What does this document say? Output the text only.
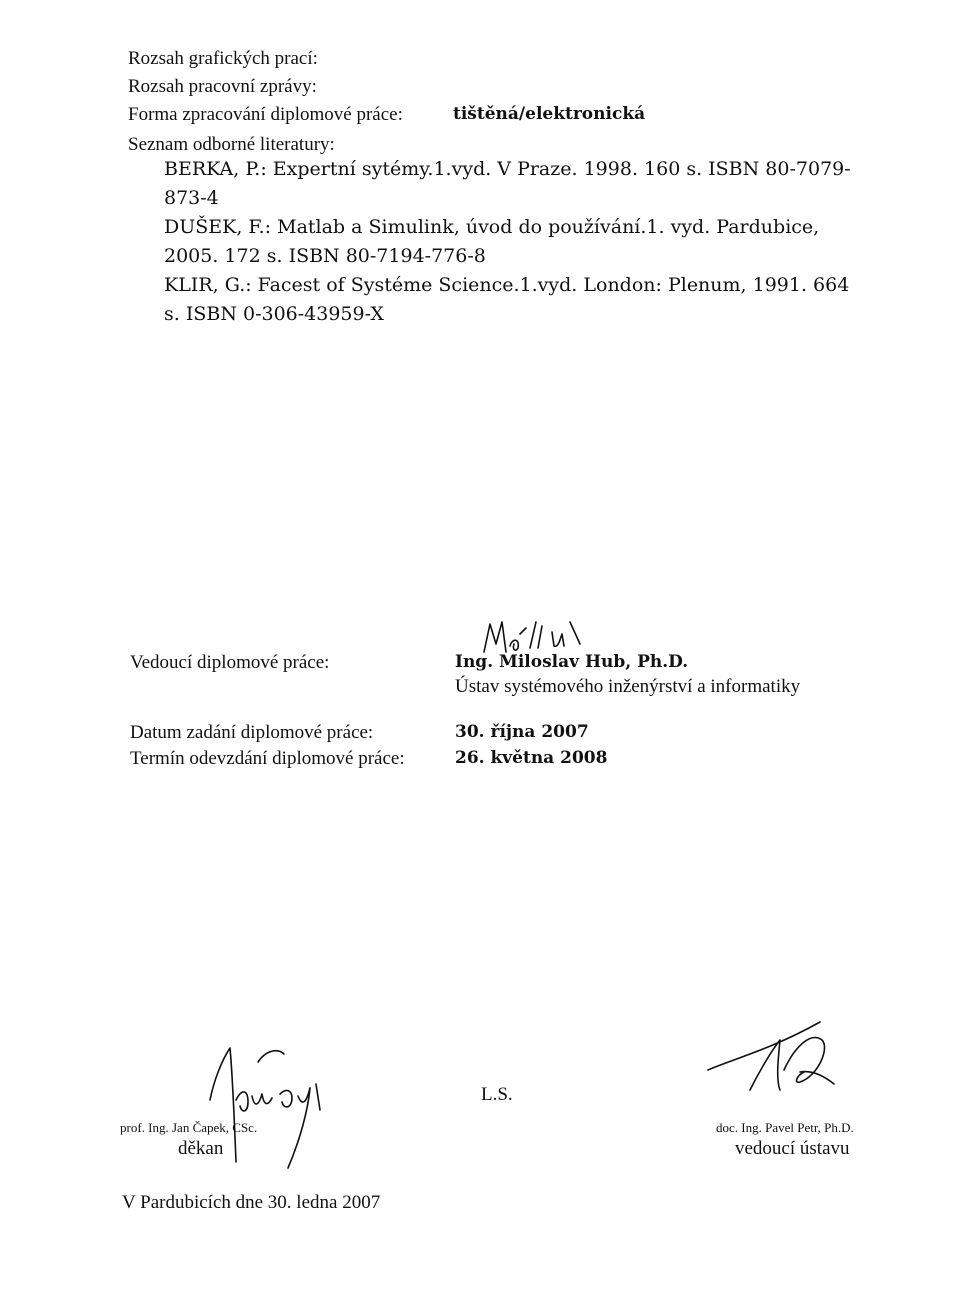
Rozsah grafických prací:
Rozsah pracovní zprávy:
Forma zpracování diplomové práce:	tištěná/elektronická
Seznam odborné literatury:
BERKA, P.: Expertní sytémy.1.vyd. V Praze. 1998. 160 s. ISBN 80-7079-
873-4
DUŠEK, F.: Matlab a Simulink, úvod do používání.1. vyd. Pardubice,
2005. 172 s. ISBN 80-7194-776-8
KLIR, G.: Facest of Systéme Science.1.vyd. London: Plenum, 1991. 664
s. ISBN 0-306-43959-X
Vedoucí diplomové práce:	Ing. Miloslav Hub, Ph.D.
Ústav systémového inženýrství a informatiky
Datum zadání diplomové práce:	30. října 2007
Termín odevzdání diplomové práce:	26. května 2008
prof. Ing. Jan Čapek, CSc.
děkan
L.S.
doc. Ing. Pavel Petr, Ph.D.
vedoucí ústavu
V Pardubicích dne 30. ledna 2007
